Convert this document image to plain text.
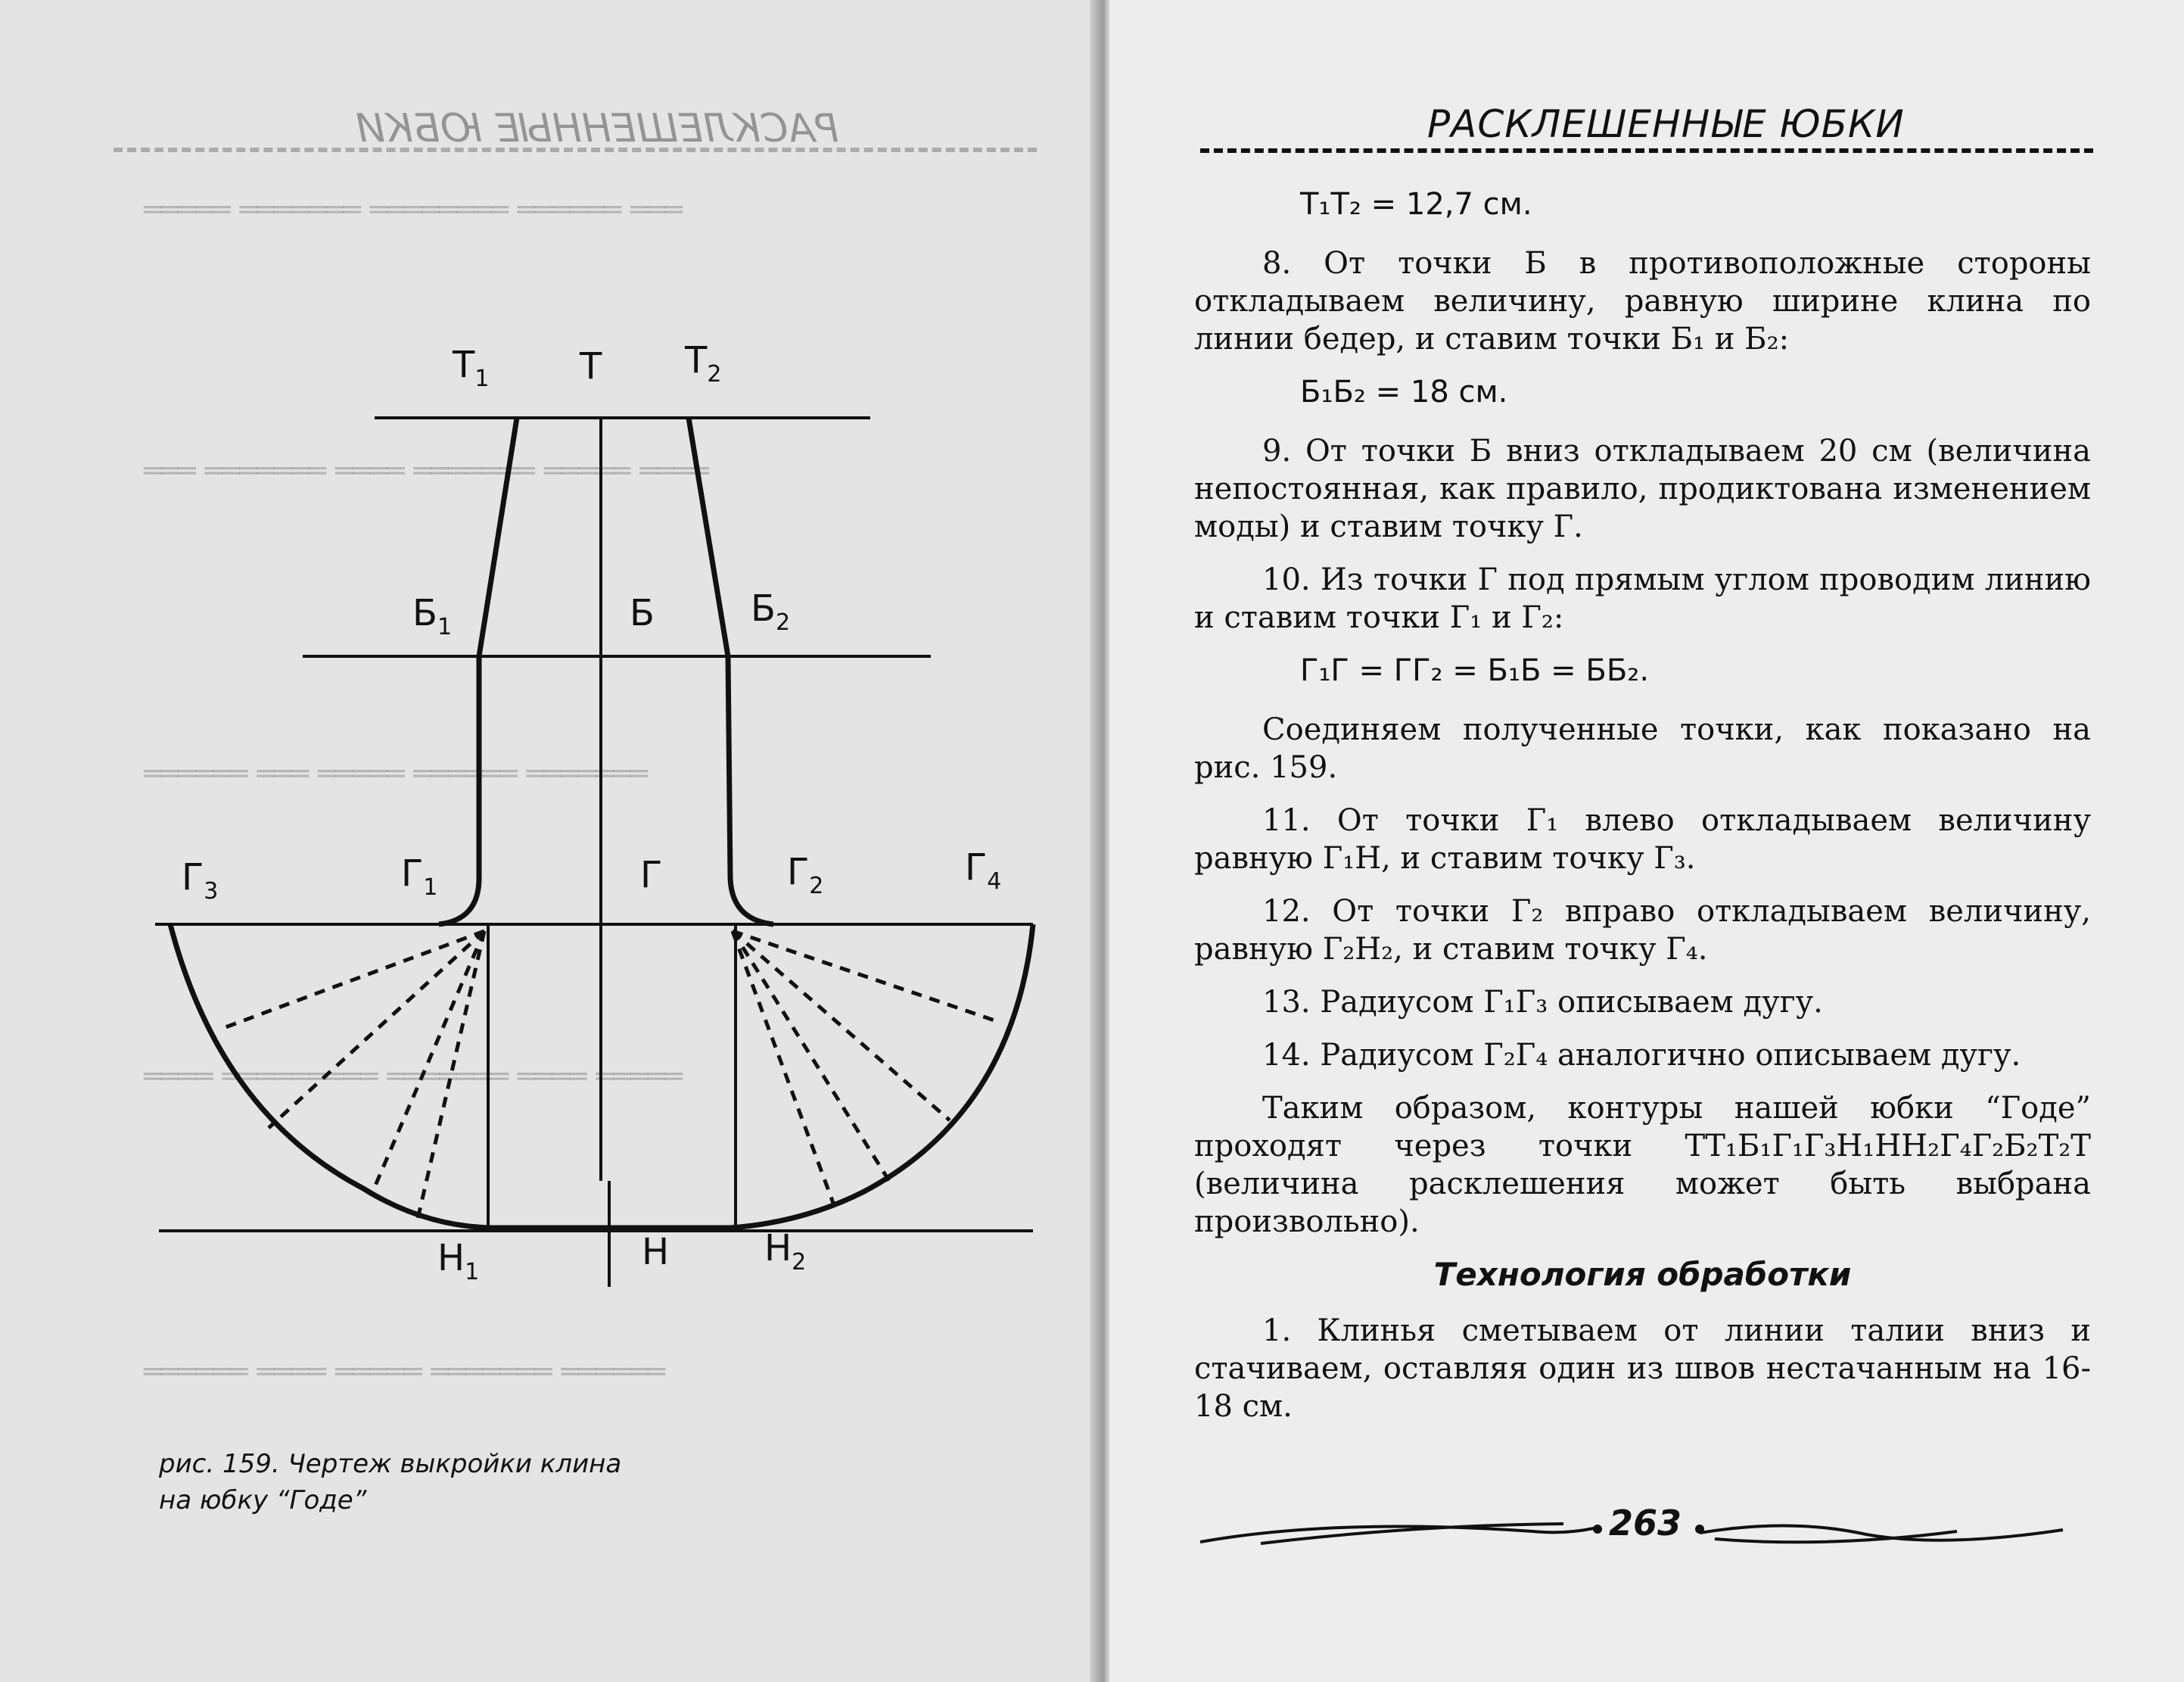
РАСКЛЕШЕННЫЕ ЮБКИ
═══ ══════ ════════ ═══════ ═════
════ ═════ ═══════ ════ ═══════ ═══
═══════ ══════ ═════ ═══ ══════
═════ ════ ═══════ ═════════ ════
══════ ═══════ ═════ ════ ══════
$Т_1$ Т $Т_2$
$Б_1$	Б	$Б_2$
$Г_3$	$Г_1$	Г	$Г_2$	$Г_4$
$Н_1$	Н	$Н_2$
рис. 159. Чертеж выкройки клина
на юбку “Годе”
РАСКЛЕШЕННЫЕ ЮБКИ

Т₁Т₂ = 12,7 см.

8. От точки Б в противоположные стороны откладываем величину, равную ширине клина по линии бедер, и ставим точки Б₁ и Б₂:

Б₁Б₂ = 18 см.

9. От точки Б вниз откладываем 20 см (величина непостоянная, как правило, продиктована изменением моды) и ставим точку Г.

10. Из точки Г под прямым углом проводим линию и ставим точки Г₁ и Г₂:

Г₁Г = ГГ₂ = Б₁Б = ББ₂.

Соединяем полученные точки, как показано на рис. 159.

11. От точки Г₁ влево откладываем величину равную Г₁Н, и ставим точку Г₃.

12. От точки Г₂ вправо откладываем величину, равную Г₂Н₂, и ставим точку Г₄.

13. Радиусом Г₁Г₃ описываем дугу.

14. Радиусом Г₂Г₄ аналогично описываем дугу.

Таким образом, контуры нашей юбки “Годе” проходят через точки ТТ₁Б₁Г₁Г₃Н₁НН₂Г₄Г₂Б₂Т₂Т (величина расклешения может быть выбрана произвольно).

Технология обработки

1. Клинья сметываем от линии талии вниз и стачиваем, оставляя один из швов нестачанным на 16-18 см.

263
